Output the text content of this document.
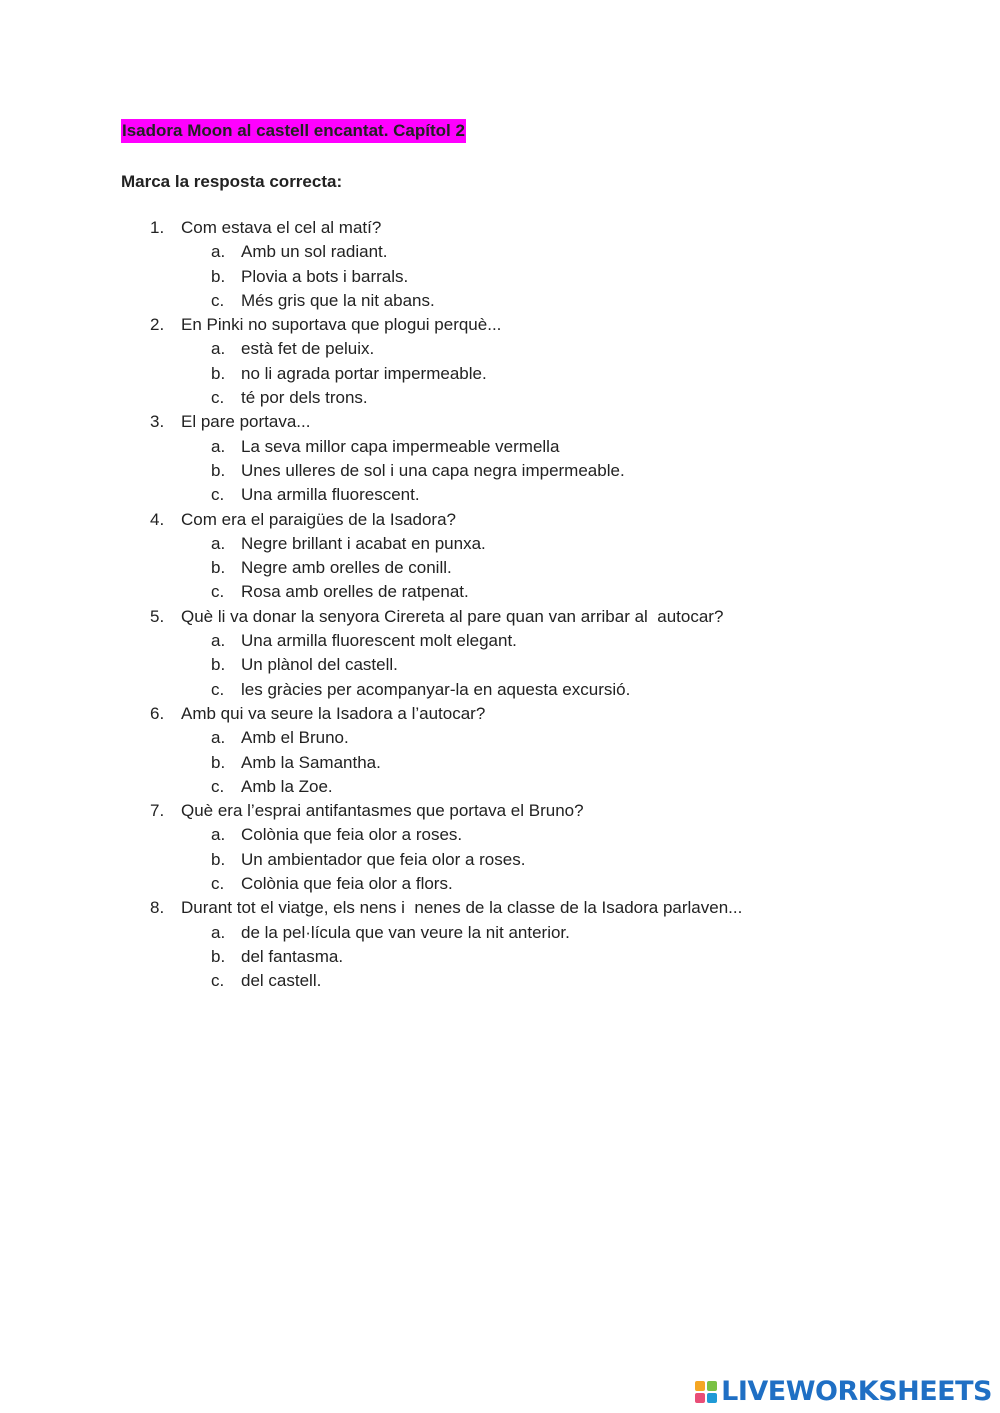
Isadora Moon al castell encantat. Capítol 2
Marca la resposta correcta:
1. Com estava el cel al matí?
a. Amb un sol radiant.
b. Plovia a bots i barrals.
c. Més gris que la nit abans.
2. En Pinki no suportava que plogui perquè...
a. està fet de peluix.
b. no li agrada portar impermeable.
c. té por dels trons.
3. El pare portava...
a. La seva millor capa impermeable vermella
b. Unes ulleres de sol i una capa negra impermeable.
c. Una armilla fluorescent.
4. Com era el paraigües de la Isadora?
a. Negre brillant i acabat en punxa.
b. Negre amb orelles de conill.
c. Rosa amb orelles de ratpenat.
5. Què li va donar la senyora Cirereta al pare quan van arribar al  autocar?
a. Una armilla fluorescent molt elegant.
b. Un plànol del castell.
c. les gràcies per acompanyar-la en aquesta excursió.
6. Amb qui va seure la Isadora a l’autocar?
a. Amb el Bruno.
b. Amb la Samantha.
c. Amb la Zoe.
7. Què era l’esprai antifantasmes que portava el Bruno?
a. Colònia que feia olor a roses.
b. Un ambientador que feia olor a roses.
c. Colònia que feia olor a flors.
8. Durant tot el viatge, els nens i  nenes de la classe de la Isadora parlaven...
a. de la pel·lícula que van veure la nit anterior.
b. del fantasma.
c. del castell.
LIVEWORKSHEETS
